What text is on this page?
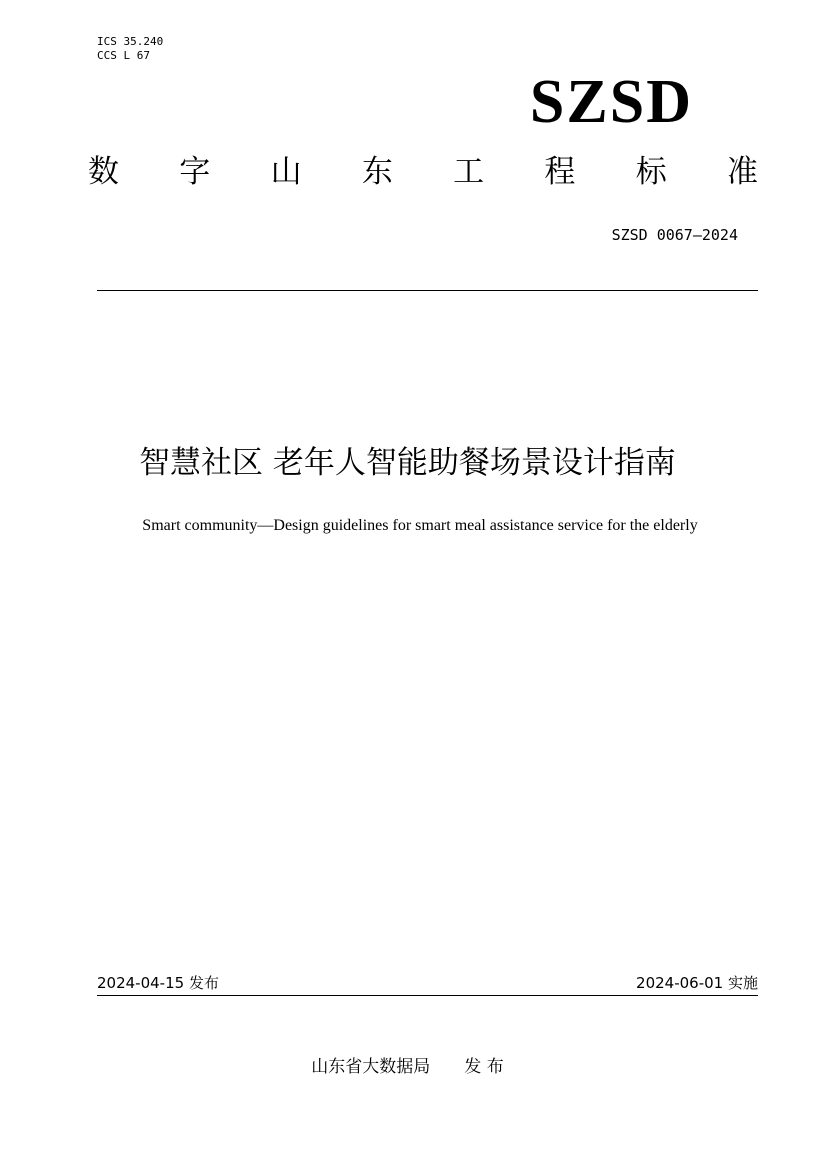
ICS 35.240
CCS L 67
SZSD
数 字 山 东 工 程 标 准
SZSD 0067—2024
智慧社区 老年人智能助餐场景设计指南
Smart community—Design guidelines for smart meal assistance service for the elderly
2024-04-15 发布	2024-06-01 实施
山东省大数据局 发 布
